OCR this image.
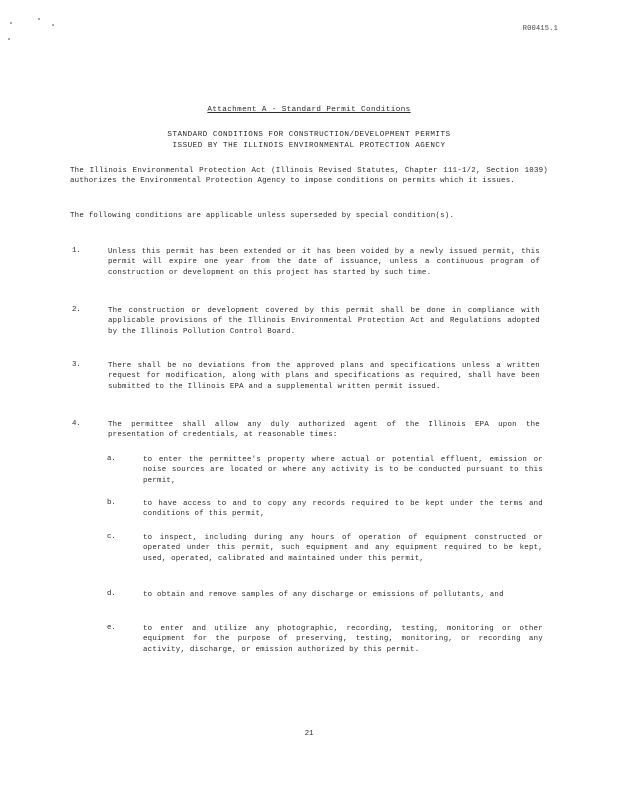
R00415.1
Attachment A - Standard Permit Conditions
STANDARD CONDITIONS FOR CONSTRUCTION/DEVELOPMENT PERMITS
ISSUED BY THE ILLINOIS ENVIRONMENTAL PROTECTION AGENCY

The Illinois Environmental Protection Act (Illinois Revised Statutes, Chapter 111-1/2, Section 1039) authorizes the Environmental Protection Agency to impose conditions on permits which it issues.

The following conditions are applicable unless superseded by special condition(s).

1.	Unless this permit has been extended or it has been voided by a newly issued permit, this permit will expire one year from the date of issuance, unless a continuous program of construction or development on this project has started by such time.

2.	The construction or development covered by this permit shall be done in compliance with applicable provisions of the Illinois Environmental Protection Act and Regulations adopted by the Illinois Pollution Control Board.

3.	There shall be no deviations from the approved plans and specifications unless a written request for modification, along with plans and specifications as required, shall have been submitted to the Illinois EPA and a supplemental written permit issued.

4.	The permittee shall allow any duly authorized agent of the Illinois EPA upon the presentation of credentials, at reasonable times:

a.	to enter the permittee's property where actual or potential effluent, emission or noise sources are located or where any activity is to be conducted pursuant to this permit,

b.	to have access to and to copy any records required to be kept under the terms and conditions of this permit,

c.	to inspect, including during any hours of operation of equipment constructed or operated under this permit, such equipment and any equipment required to be kept, used, operated, calibrated and maintained under this permit,

d.	to obtain and remove samples of any discharge or emissions of pollutants, and

e.	to enter and utilize any photographic, recording, testing, monitoring or other equipment for the purpose of preserving, testing, monitoring, or recording any activity, discharge, or emission authorized by this permit.

21
